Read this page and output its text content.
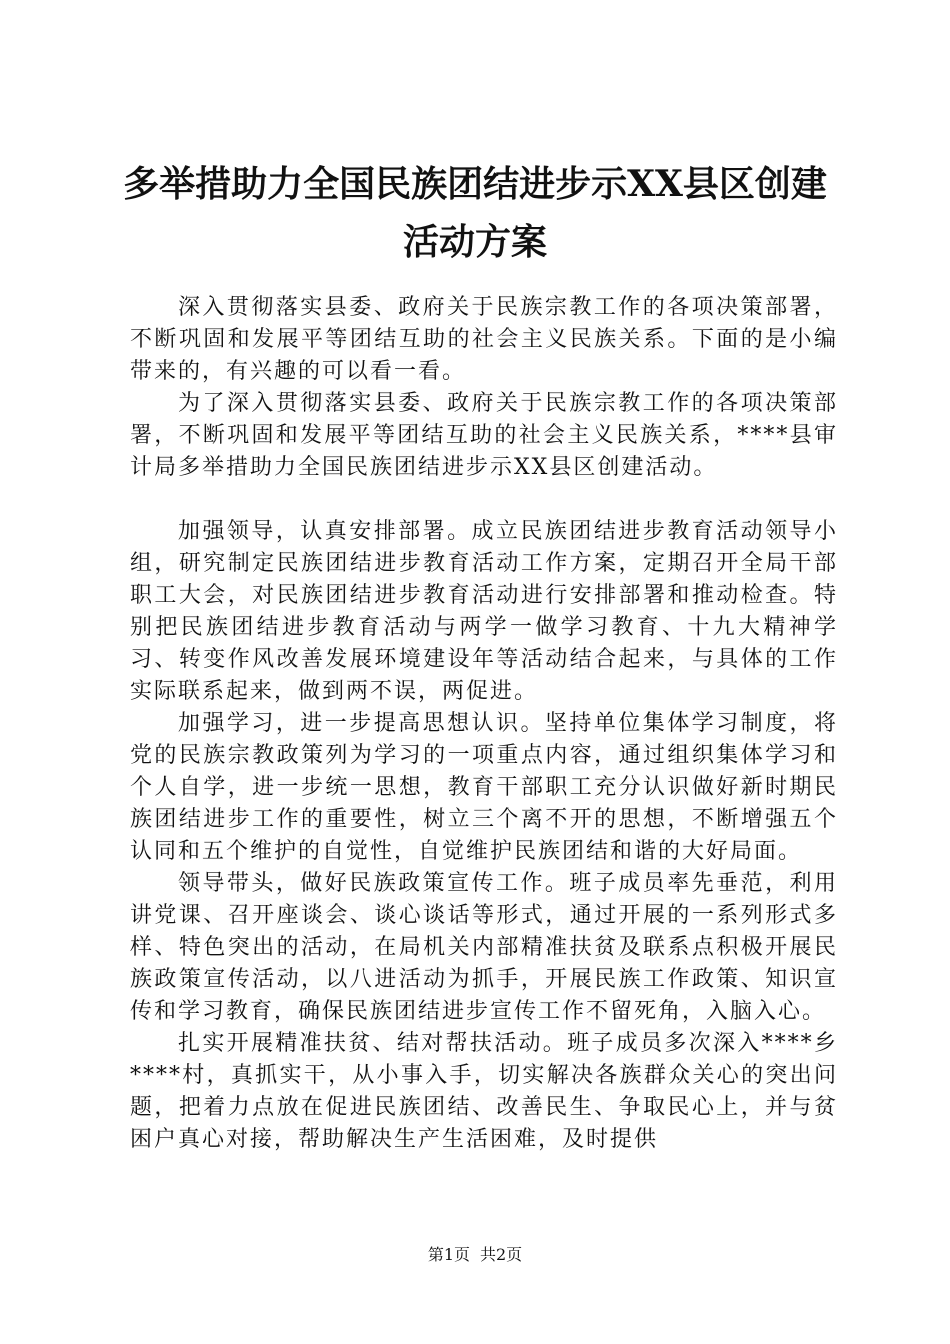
多举措助力全国民族团结进步示XX县区创建
活动方案

深入贯彻落实县委、政府关于民族宗教工作的各项决策部署，不断巩固和发展平等团结互助的社会主义民族关系。下面的是小编带来的，有兴趣的可以看一看。

为了深入贯彻落实县委、政府关于民族宗教工作的各项决策部署，不断巩固和发展平等团结互助的社会主义民族关系，****县审计局多举措助力全国民族团结进步示XX县区创建活动。

加强领导，认真安排部署。成立民族团结进步教育活动领导小组，研究制定民族团结进步教育活动工作方案，定期召开全局干部职工大会，对民族团结进步教育活动进行安排部署和推动检查。特别把民族团结进步教育活动与两学一做学习教育、十九大精神学习、转变作风改善发展环境建设年等活动结合起来，与具体的工作实际联系起来，做到两不误，两促进。

加强学习，进一步提高思想认识。坚持单位集体学习制度，将党的民族宗教政策列为学习的一项重点内容，通过组织集体学习和个人自学，进一步统一思想，教育干部职工充分认识做好新时期民族团结进步工作的重要性，树立三个离不开的思想，不断增强五个认同和五个维护的自觉性，自觉维护民族团结和谐的大好局面。

领导带头，做好民族政策宣传工作。班子成员率先垂范，利用讲党课、召开座谈会、谈心谈话等形式，通过开展的一系列形式多样、特色突出的活动，在局机关内部精准扶贫及联系点积极开展民族政策宣传活动，以八进活动为抓手，开展民族工作政策、知识宣传和学习教育，确保民族团结进步宣传工作不留死角，入脑入心。

扎实开展精准扶贫、结对帮扶活动。班子成员多次深入****乡****村，真抓实干，从小事入手，切实解决各族群众关心的突出问题，把着力点放在促进民族团结、改善民生、争取民心上，并与贫困户真心对接，帮助解决生产生活困难，及时提供

第1页 共2页
